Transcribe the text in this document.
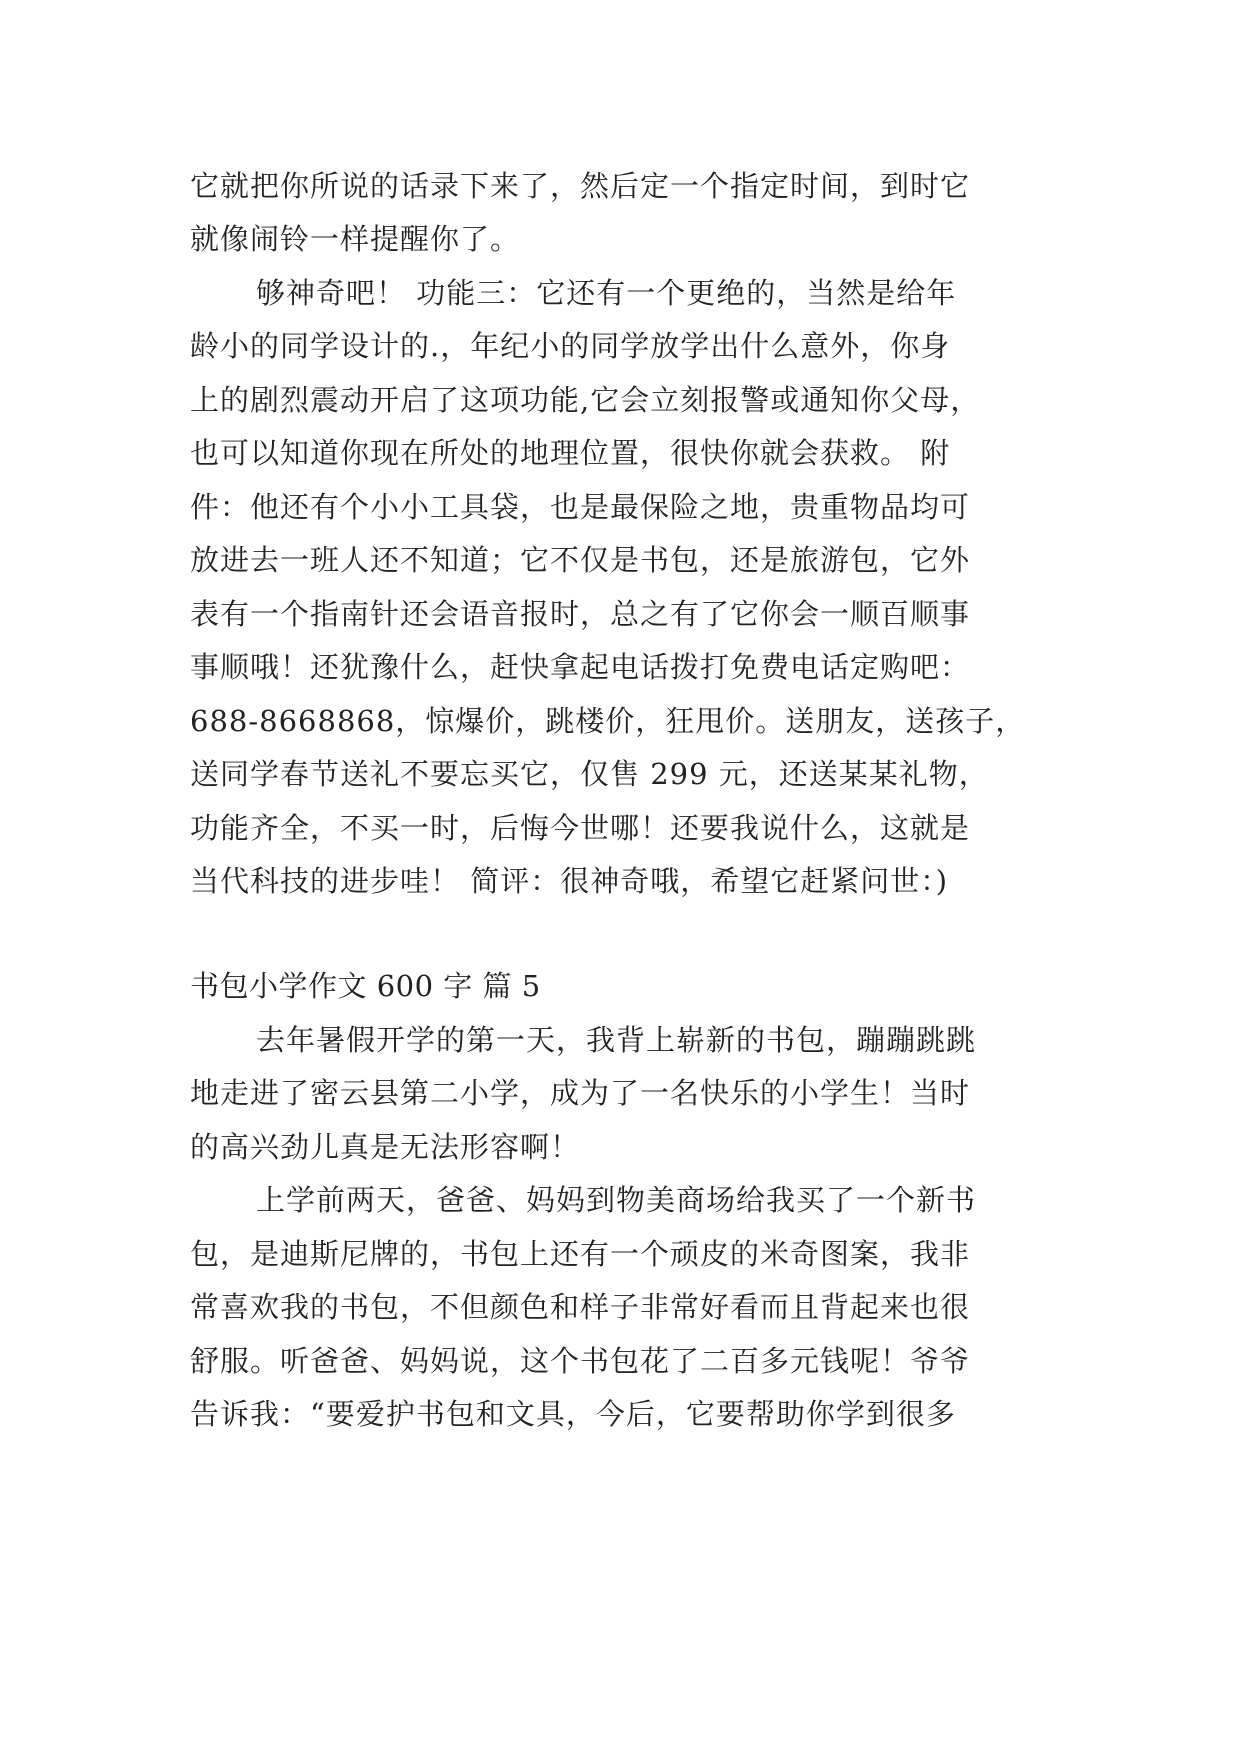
它就把你所说的话录下来了，然后定一个指定时间，到时它

就像闹铃一样提醒你了。

够神奇吧！ 功能三：它还有一个更绝的，当然是给年

龄小的同学设计的.，年纪小的同学放学出什么意外，你身

上的剧烈震动开启了这项功能,它会立刻报警或通知你父母，

也可以知道你现在所处的地理位置，很快你就会获救。 附

件：他还有个小小工具袋，也是最保险之地，贵重物品均可

放进去一班人还不知道；它不仅是书包，还是旅游包，它外

表有一个指南针还会语音报时，总之有了它你会一顺百顺事

事顺哦！还犹豫什么，赶快拿起电话拨打免费电话定购吧：

688-8668868，惊爆价，跳楼价，狂甩价。送朋友，送孩子，

送同学春节送礼不要忘买它，仅售 299 元，还送某某礼物，

功能齐全，不买一时，后悔今世哪！还要我说什么，这就是

当代科技的进步哇！ 简评：很神奇哦，希望它赶紧问世：)

书包小学作文 600 字 篇 5

去年暑假开学的第一天，我背上崭新的书包，蹦蹦跳跳

地走进了密云县第二小学，成为了一名快乐的小学生！当时

的高兴劲儿真是无法形容啊！

上学前两天，爸爸、妈妈到物美商场给我买了一个新书

包，是迪斯尼牌的，书包上还有一个顽皮的米奇图案，我非

常喜欢我的书包，不但颜色和样子非常好看而且背起来也很

舒服。听爸爸、妈妈说，这个书包花了二百多元钱呢！爷爷

告诉我：“要爱护书包和文具，今后，它要帮助你学到很多
